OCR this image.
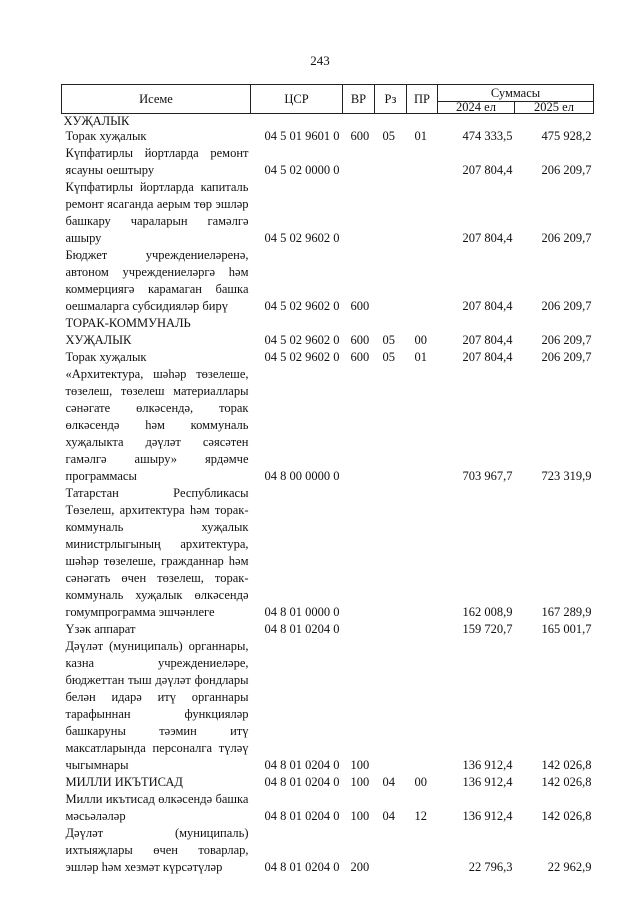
243
Исеме	ЦСР	ВР	Рз	ПР	Суммасы	
					2024 ел	2025 ел
ХУҖАЛЫК						
Торак хуҗалык	04 5 01 9601 0	600	05	01	474 333,5	475 928,2
Күпфатирлы йортларда ремонт ясауны оештыру	04 5 02 0000 0				207 804,4	206 209,7
Күпфатирлы йортларда капиталь ремонт ясаганда аерым төр эшләр башкару чараларын гамәлгә ашыру	04 5 02 9602 0				207 804,4	206 209,7
Бюджет учреждениеләренә, автоном учреждениеләргә һәм коммерциягә карамаган башка оешмаларга субсидияләр бирү	04 5 02 9602 0	600			207 804,4	206 209,7
ТОРАК-КОММУНАЛЬ ХУҖАЛЫК	04 5 02 9602 0	600	05	00	207 804,4	206 209,7
Торак хуҗалык	04 5 02 9602 0	600	05	01	207 804,4	206 209,7
«Архитектура, шәһәр төзелеше, төзелеш, төзелеш материаллары сәнәгате өлкәсендә, торак өлкәсендә һәм коммуналь хуҗалыкта дәүләт сәясәтен гамәлгә ашыру» ярдәмче программасы	04 8 00 0000 0				703 967,7	723 319,9
Татарстан Республикасы Төзелеш, архитектура һәм торак-коммуналь хуҗалык министрлыгының архитектура, шәһәр төзелеше, гражданнар һәм сәнәгать өчен төзелеш, торак-коммуналь хуҗалык өлкәсендә гомумпрограмма эшчәнлеге	04 8 01 0000 0				162 008,9	167 289,9
Үзәк аппарат	04 8 01 0204 0				159 720,7	165 001,7
Дәүләт (муниципаль) органнары, казна учреждениеләре, бюджеттан тыш дәүләт фондлары белән идарә итү органнары тарафыннан функцияләр башкаруны тәэмин итү максатларында персоналга түләү чыгымнары	04 8 01 0204 0	100			136 912,4	142 026,8
МИЛЛИ ИКЪТИСАД	04 8 01 0204 0	100	04	00	136 912,4	142 026,8
Милли икътисад өлкәсендә башка мәсьәләләр	04 8 01 0204 0	100	04	12	136 912,4	142 026,8
Дәүләт (муниципаль) ихтыяҗлары өчен товарлар, эшләр һәм хезмәт күрсәтүләр	04 8 01 0204 0	200			22 796,3	22 962,9
